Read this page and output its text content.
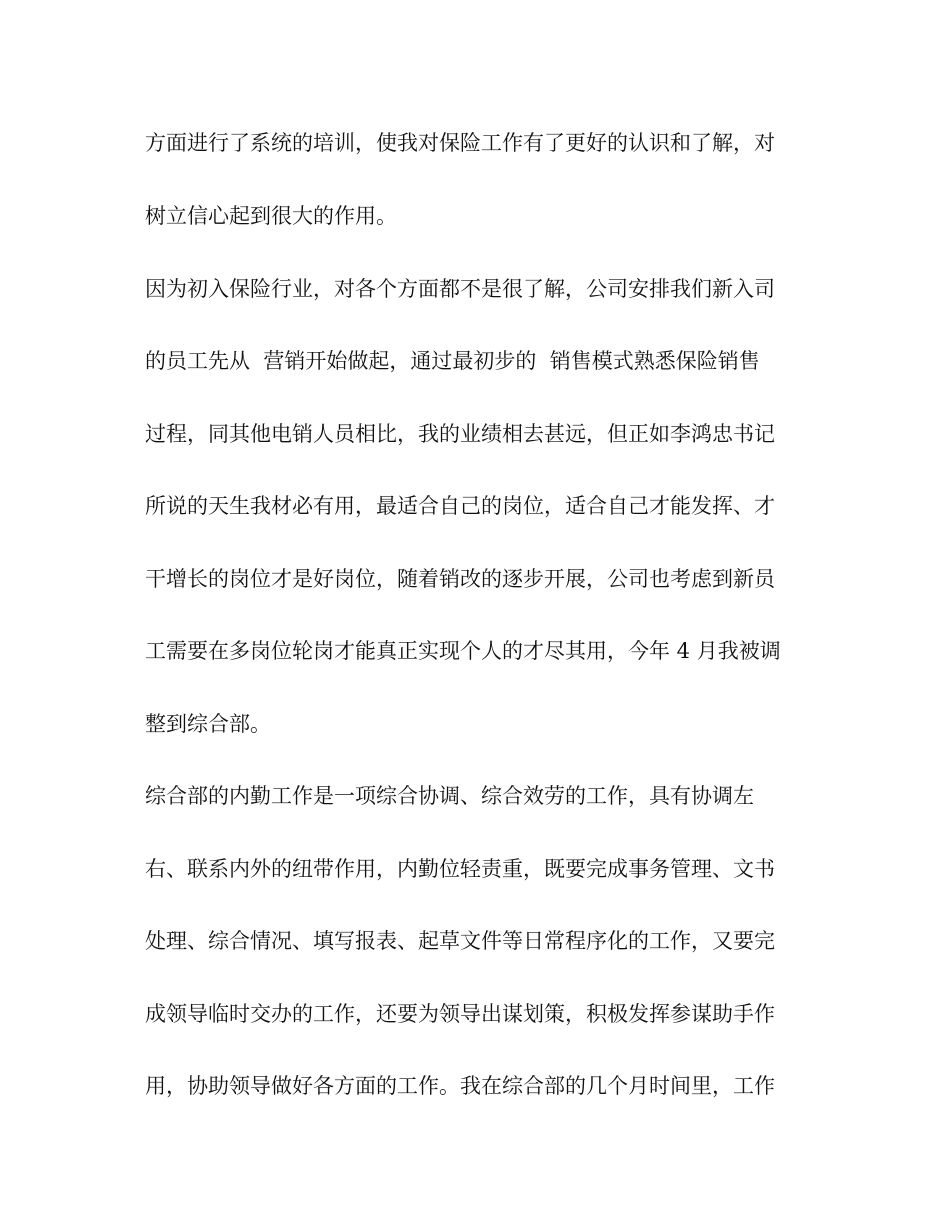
方面进行了系统的培训，使我对保险工作有了更好的认识和了解，对
树立信心起到很大的作用。
因为初入保险行业，对各个方面都不是很了解，公司安排我们新入司
的员工先从  营销开始做起，通过最初步的  销售模式熟悉保险销售
过程，同其他电销人员相比，我的业绩相去甚远，但正如李鸿忠书记
所说的天生我材必有用，最适合自己的岗位，适合自己才能发挥、才
干增长的岗位才是好岗位，随着销改的逐步开展，公司也考虑到新员
工需要在多岗位轮岗才能真正实现个人的才尽其用，今年 4 月我被调
整到综合部。
综合部的内勤工作是一项综合协调、综合效劳的工作，具有协调左
右、联系内外的纽带作用，内勤位轻责重，既要完成事务管理、文书
处理、综合情况、填写报表、起草文件等日常程序化的工作，又要完
成领导临时交办的工作，还要为领导出谋划策，积极发挥参谋助手作
用，协助领导做好各方面的工作。我在综合部的几个月时间里，工作
